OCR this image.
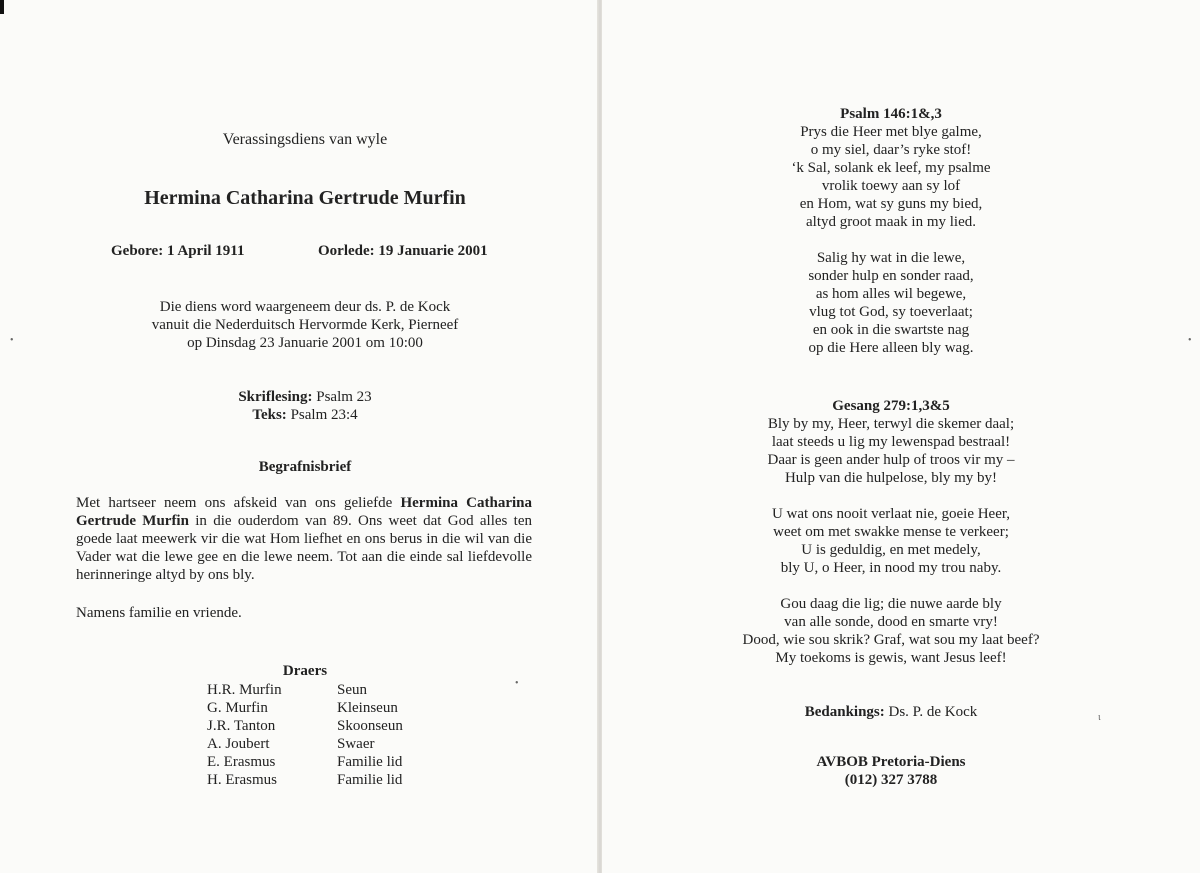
Verassingsdiens van wyle
Hermina Catharina Gertrude Murfin
Gebore: 1 April 1911	Oorlede: 19 Januarie 2001
Die diens word waargeneem deur ds. P. de Kock
vanuit die Nederduitsch Hervormde Kerk, Pierneef
op Dinsdag 23 Januarie 2001 om 10:00
Skriflesing: Psalm 23
Teks: Psalm 23:4
Begrafnisbrief
Met hartseer neem ons afskeid van ons geliefde Hermina Catharina Gertrude Murfin in die ouderdom van 89. Ons weet dat God alles ten goede laat meewerk vir die wat Hom liefhet en ons berus in die wil van die Vader wat die lewe gee en die lewe neem. Tot aan die einde sal liefdevolle herinneringe altyd by ons bly.
Namens familie en vriende.
Draers
H.R. Murfin	Seun
G. Murfin	Kleinseun
J.R. Tanton	Skoonseun
A. Joubert	Swaer
E. Erasmus	Familie lid
H. Erasmus	Familie lid
•
•
Psalm 146:1&,3
Prys die Heer met blye galme,
o my siel, daar’s ryke stof!
‘k Sal, solank ek leef, my psalme
vrolik toewy aan sy lof
en Hom, wat sy guns my bied,
altyd groot maak in my lied.
Salig hy wat in die lewe,
sonder hulp en sonder raad,
as hom alles wil begewe,
vlug tot God, sy toeverlaat;
en ook in die swartste nag
op die Here alleen bly wag.
Gesang 279:1,3&5
Bly by my, Heer, terwyl die skemer daal;
laat steeds u lig my lewenspad bestraal!
Daar is geen ander hulp of troos vir my –
Hulp van die hulpelose, bly my by!
U wat ons nooit verlaat nie, goeie Heer,
weet om met swakke mense te verkeer;
U is geduldig, en met medely,
bly U, o Heer, in nood my trou naby.
Gou daag die lig; die nuwe aarde bly
van alle sonde, dood en smarte vry!
Dood, wie sou skrik? Graf, wat sou my laat beef?
My toekoms is gewis, want Jesus leef!
Bedankings: Ds. P. de Kock
AVBOB Pretoria-Diens
(012) 327 3788
•
ι
